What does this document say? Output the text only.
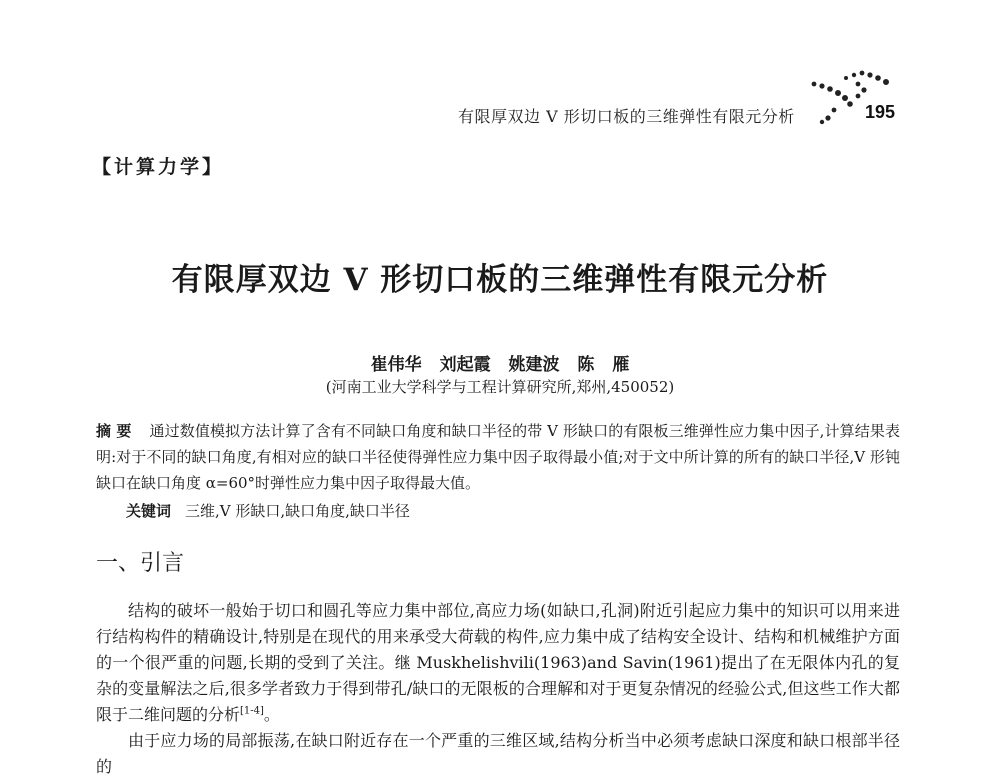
有限厚双边 V 形切口板的三维弹性有限元分析	195
【计算力学】
有限厚双边 V 形切口板的三维弹性有限元分析
崔伟华 刘起霞 姚建波 陈 雁
(河南工业大学科学与工程计算研究所,郑州,450052)
摘 要 通过数值模拟方法计算了含有不同缺口角度和缺口半径的带 V 形缺口的有限板三维弹性应力集中因子,计算结果表明:对于不同的缺口角度,有相对应的缺口半径使得弹性应力集中因子取得最小值;对于文中所计算的所有的缺口半径,V 形钝缺口在缺口角度 α=60°时弹性应力集中因子取得最大值。
关键词 三维,V 形缺口,缺口角度,缺口半径
一、引言

结构的破坏一般始于切口和圆孔等应力集中部位,高应力场(如缺口,孔洞)附近引起应力集中的知识可以用来进行结构构件的精确设计,特别是在现代的用来承受大荷载的构件,应力集中成了结构安全设计、结构和机械维护方面的一个很严重的问题,长期的受到了关注。继 Muskhelishvili(1963)and Savin(1961)提出了在无限体内孔的复杂的变量解法之后,很多学者致力于得到带孔/缺口的无限板的合理解和对于更复杂情况的经验公式,但这些工作大都限于二维问题的分析[1-4]。

由于应力场的局部振荡,在缺口附近存在一个严重的三维区域,结构分析当中必须考虑缺口深度和缺口根部半径的
